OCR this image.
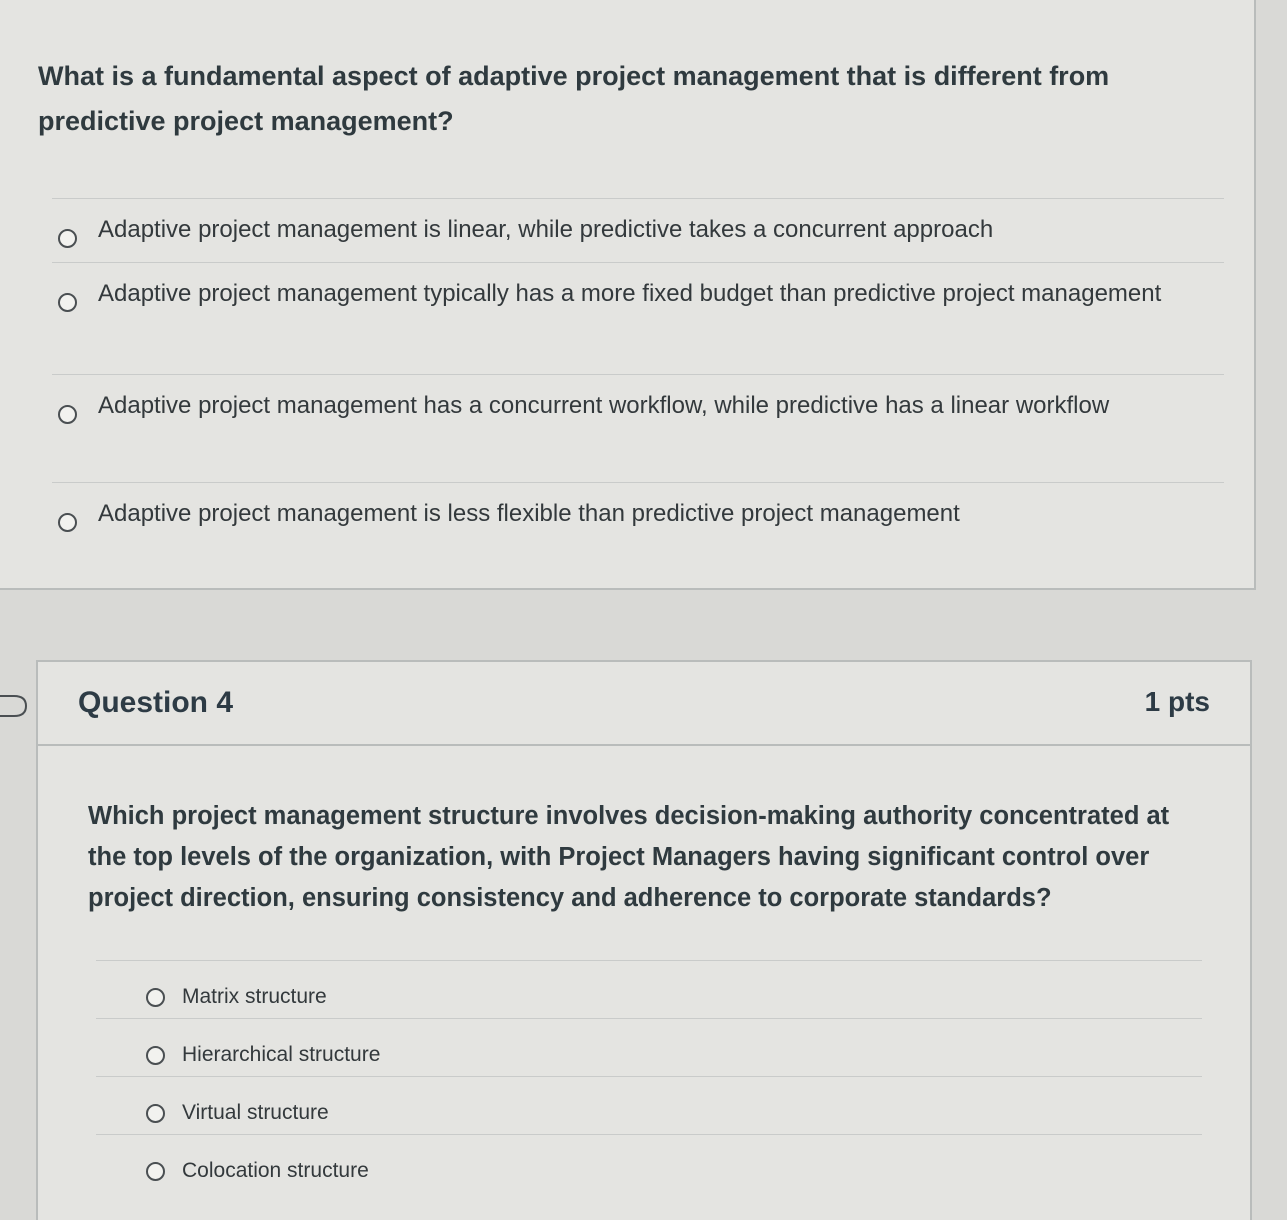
What is a fundamental aspect of adaptive project management that is different from predictive project management?
Adaptive project management is linear, while predictive takes a concurrent approach
Adaptive project management typically has a more fixed budget than predictive project management
Adaptive project management has a concurrent workflow, while predictive has a linear workflow
Adaptive project management is less flexible than predictive project management
Question 4	1 pts
Which project management structure involves decision-making authority concentrated at the top levels of the organization, with Project Managers having significant control over project direction, ensuring consistency and adherence to corporate standards?
Matrix structure
Hierarchical structure
Virtual structure
Colocation structure
